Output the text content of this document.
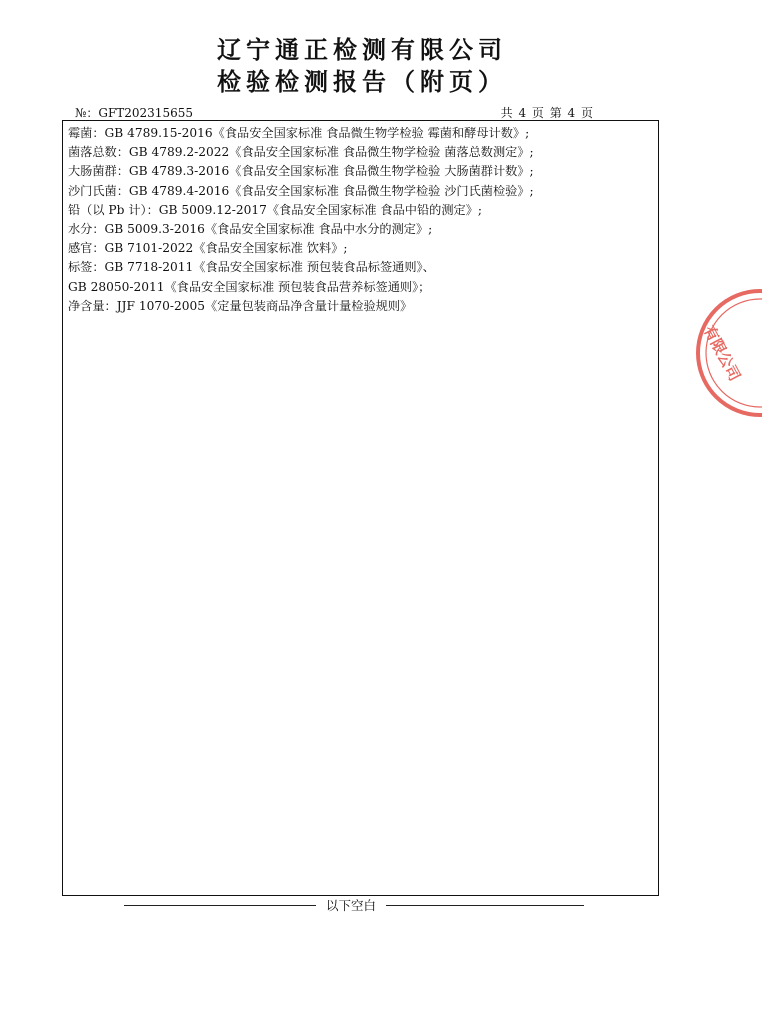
辽宁通正检测有限公司
检验检测报告（附页）
№：GFT202315655	共 4 页 第 4 页
霉菌：GB 4789.15-2016《食品安全国家标准 食品微生物学检验 霉菌和酵母计数》;
菌落总数：GB 4789.2-2022《食品安全国家标准 食品微生物学检验 菌落总数测定》;
大肠菌群：GB 4789.3-2016《食品安全国家标准 食品微生物学检验 大肠菌群计数》;
沙门氏菌：GB 4789.4-2016《食品安全国家标准 食品微生物学检验 沙门氏菌检验》;
铅（以 Pb 计）：GB 5009.12-2017《食品安全国家标准 食品中铅的测定》;
水分：GB 5009.3-2016《食品安全国家标准 食品中水分的测定》;
感官：GB 7101-2022《食品安全国家标准 饮料》;
标签：GB 7718-2011《食品安全国家标准 预包装食品标签通则》、
GB 28050-2011《食品安全国家标准 预包装食品营养标签通则》；
净含量：JJF 1070-2005《定量包装商品净含量计量检验规则》
以下空白
有限公司
